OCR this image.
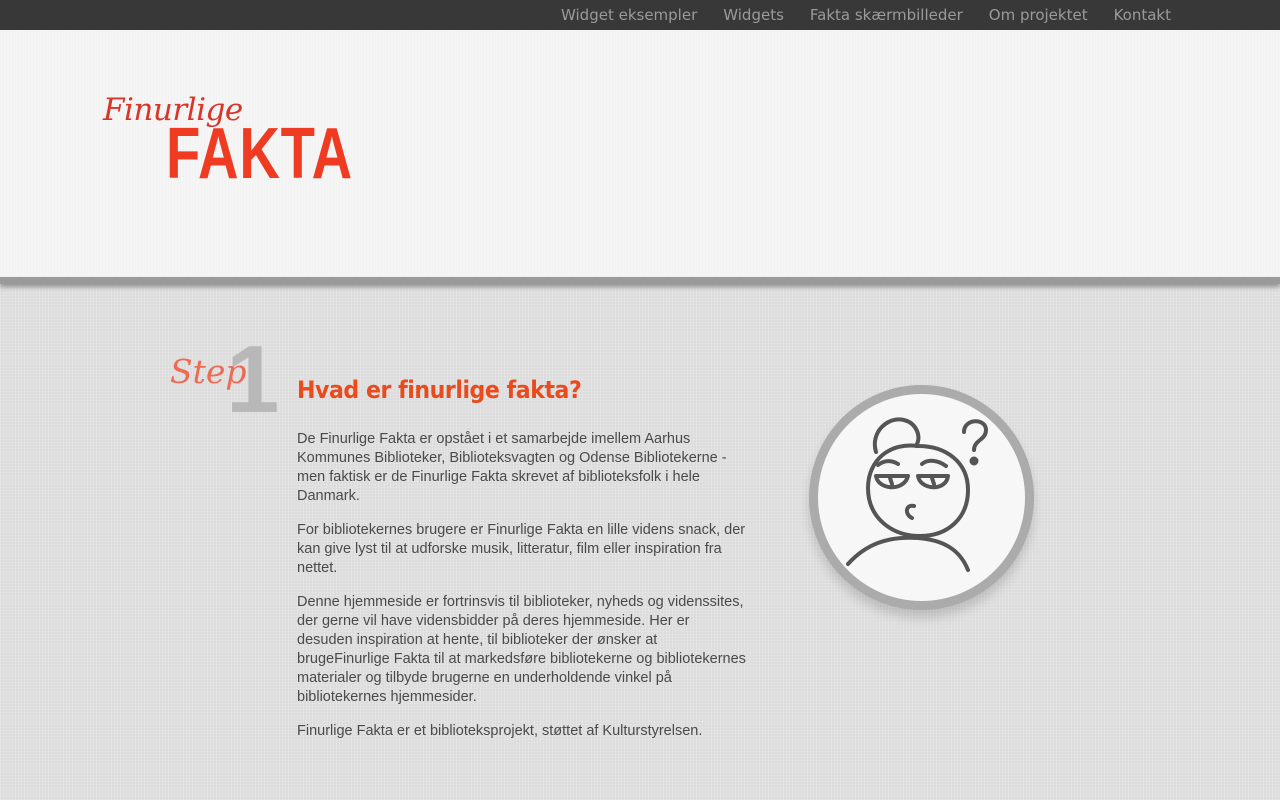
Widget eksempler	Widgets	Fakta skærmbilleder	Om projektet	Kontakt
Finurlige
FAKTA
Step
1 Hvad er finurlige fakta?

De Finurlige Fakta er opstået i et samarbejde imellem Aarhus Kommunes Biblioteker, Biblioteksvagten og Odense Bibliotekerne - men faktisk er de Finurlige Fakta skrevet af biblioteksfolk i hele Danmark.

For bibliotekernes brugere er Finurlige Fakta en lille videns snack, der kan give lyst til at udforske musik, litteratur, film eller inspiration fra nettet.

Denne hjemmeside er fortrinsvis til biblioteker, nyheds og videnssites, der gerne vil have vidensbidder på deres hjemmeside. Her er desuden inspiration at hente, til biblioteker der ønsker at brugeFinurlige Fakta til at markedsføre bibliotekerne og bibliotekernes materialer og tilbyde brugerne en underholdende vinkel på bibliotekernes hjemmesider.

Finurlige Fakta er et biblioteksprojekt, støttet af Kulturstyrelsen.
